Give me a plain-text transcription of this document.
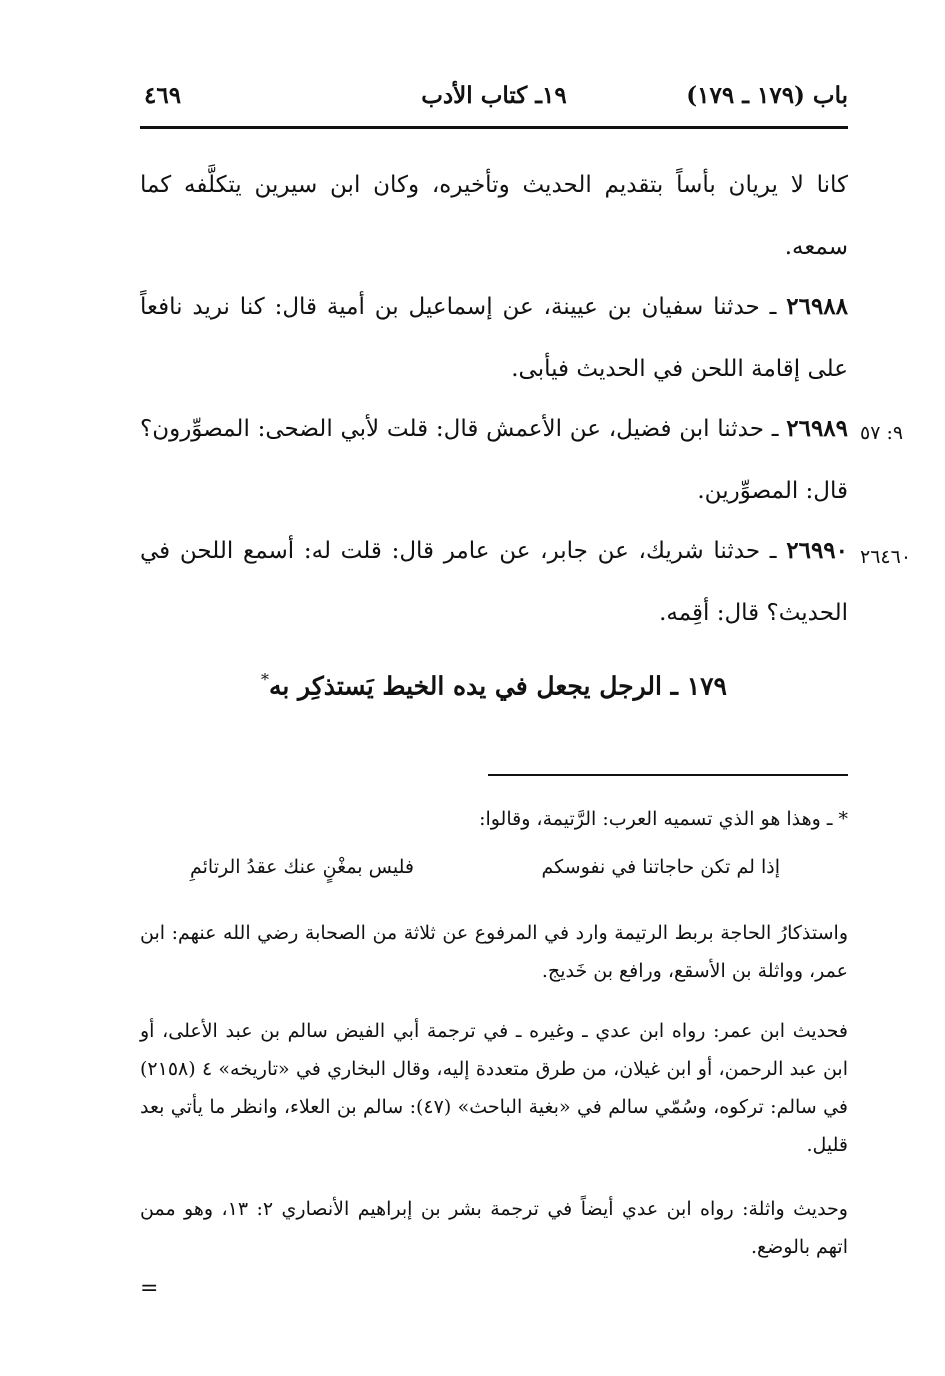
باب (١٧٩ ـ ١٧٩)
١٩ـ كتاب الأدب
٤٦٩
كانا لا يريان بأساً بتقديم الحديث وتأخيره، وكان ابن سيرين يتكلَّفه كما سمعه.
٢٦٩٨٨ ـ حدثنا سفيان بن عيينة، عن إسماعيل بن أمية قال: كنا نريد نافعاً على إقامة اللحن في الحديث فيأبى.
٢٦٩٨٩ ـ حدثنا ابن فضيل، عن الأعمش قال: قلت لأبي الضحى: المصوِّرون؟ قال: المصوِّرين.
٩: ٥٧
٢٦٩٩٠ ـ حدثنا شريك، عن جابر، عن عامر قال: قلت له: أسمع اللحن في الحديث؟ قال: أقِمه.
٢٦٤٦٠
١٧٩ ـ الرجل يجعل في يده الخيط يَستذكِر به*
* ـ وهذا هو الذي تسميه العرب: الرَّتيمة، وقالوا:
إذا لم تكن حاجاتنا في نفوسكم
فليس بمغْنٍ عنك عقدُ الرتائمِ
واستذكارُ الحاجة بربط الرتيمة وارد في المرفوع عن ثلاثة من الصحابة رضي الله عنهم: ابن عمر، وواثلة بن الأسقع، ورافع بن خَديج.
فحديث ابن عمر: رواه ابن عدي ـ وغيره ـ في ترجمة أبي الفيض سالم بن عبد الأعلى، أو ابن عبد الرحمن، أو ابن غيلان، من طرق متعددة إليه، وقال البخاري في «تاريخه» ٤ (٢١٥٨) في سالم: تركوه، وسُمّي سالم في «بغية الباحث» (٤٧): سالم بن العلاء، وانظر ما يأتي بعد قليل.
وحديث واثلة: رواه ابن عدي أيضاً في ترجمة بشر بن إبراهيم الأنصاري ٢: ١٣، وهو ممن اتهم بالوضع.
=
